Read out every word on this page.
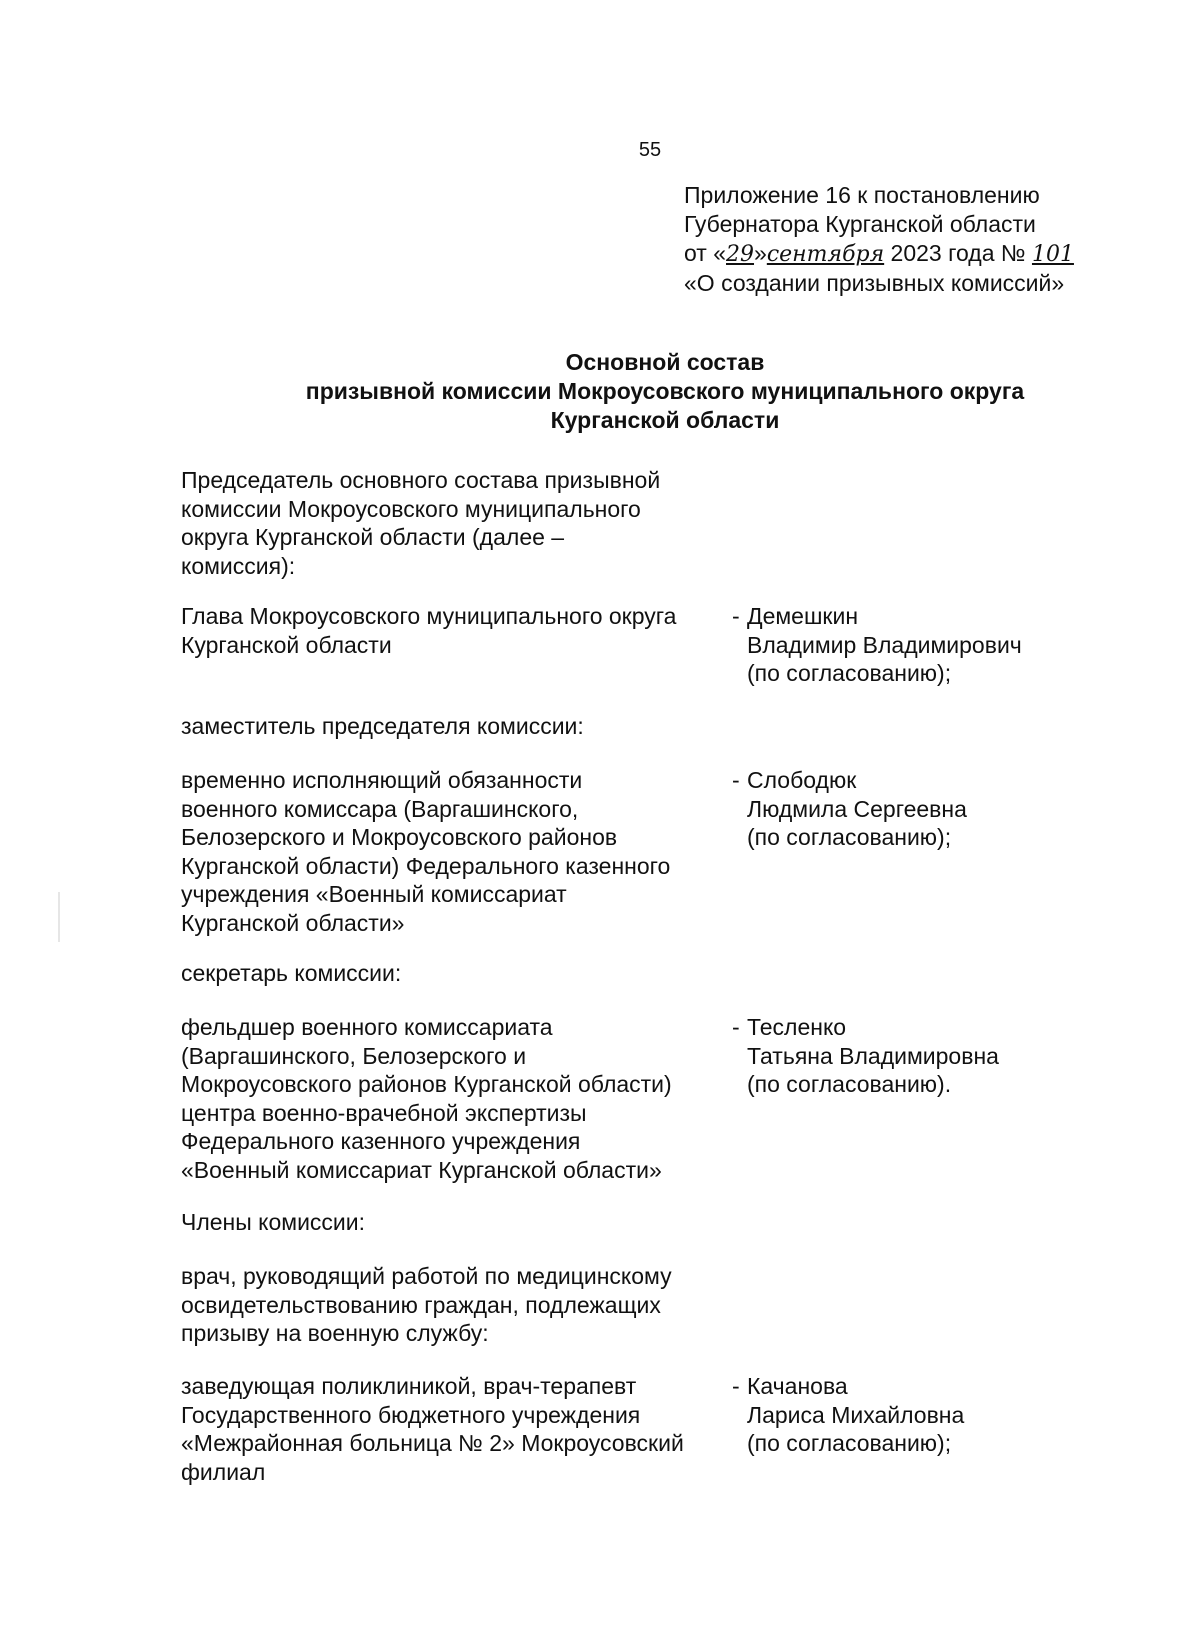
55
Приложение 16 к постановлению
Губернатора Курганской области
от «29»сентября 2023 года № 101
«О создании призывных комиссий»
Основной состав
призывной комиссии Мокроусовского муниципального округа
Курганской области
Председатель основного состава призывной
комиссии Мокроусовского муниципального
округа Курганской области (далее –
комиссия):
Глава Мокроусовского муниципального округа
Курганской области
- Демешкин
Владимир Владимирович
(по согласованию);
заместитель председателя комиссии:
временно исполняющий обязанности
военного комиссара (Варгашинского,
Белозерского и Мокроусовского районов
Курганской области) Федерального казенного
учреждения «Военный комиссариат
Курганской области»
- Слободюк
Людмила Сергеевна
(по согласованию);
секретарь комиссии:
фельдшер военного комиссариата
(Варгашинского, Белозерского и
Мокроусовского районов Курганской области)
центра военно-врачебной экспертизы
Федерального казенного учреждения
«Военный комиссариат Курганской области»
- Тесленко
Татьяна Владимировна
(по согласованию).
Члены комиссии:
врач, руководящий работой по медицинскому
освидетельствованию граждан, подлежащих
призыву на военную службу:
заведующая поликлиникой, врач-терапевт
Государственного бюджетного учреждения
«Межрайонная больница № 2» Мокроусовский
филиал
- Качанова
Лариса Михайловна
(по согласованию);
